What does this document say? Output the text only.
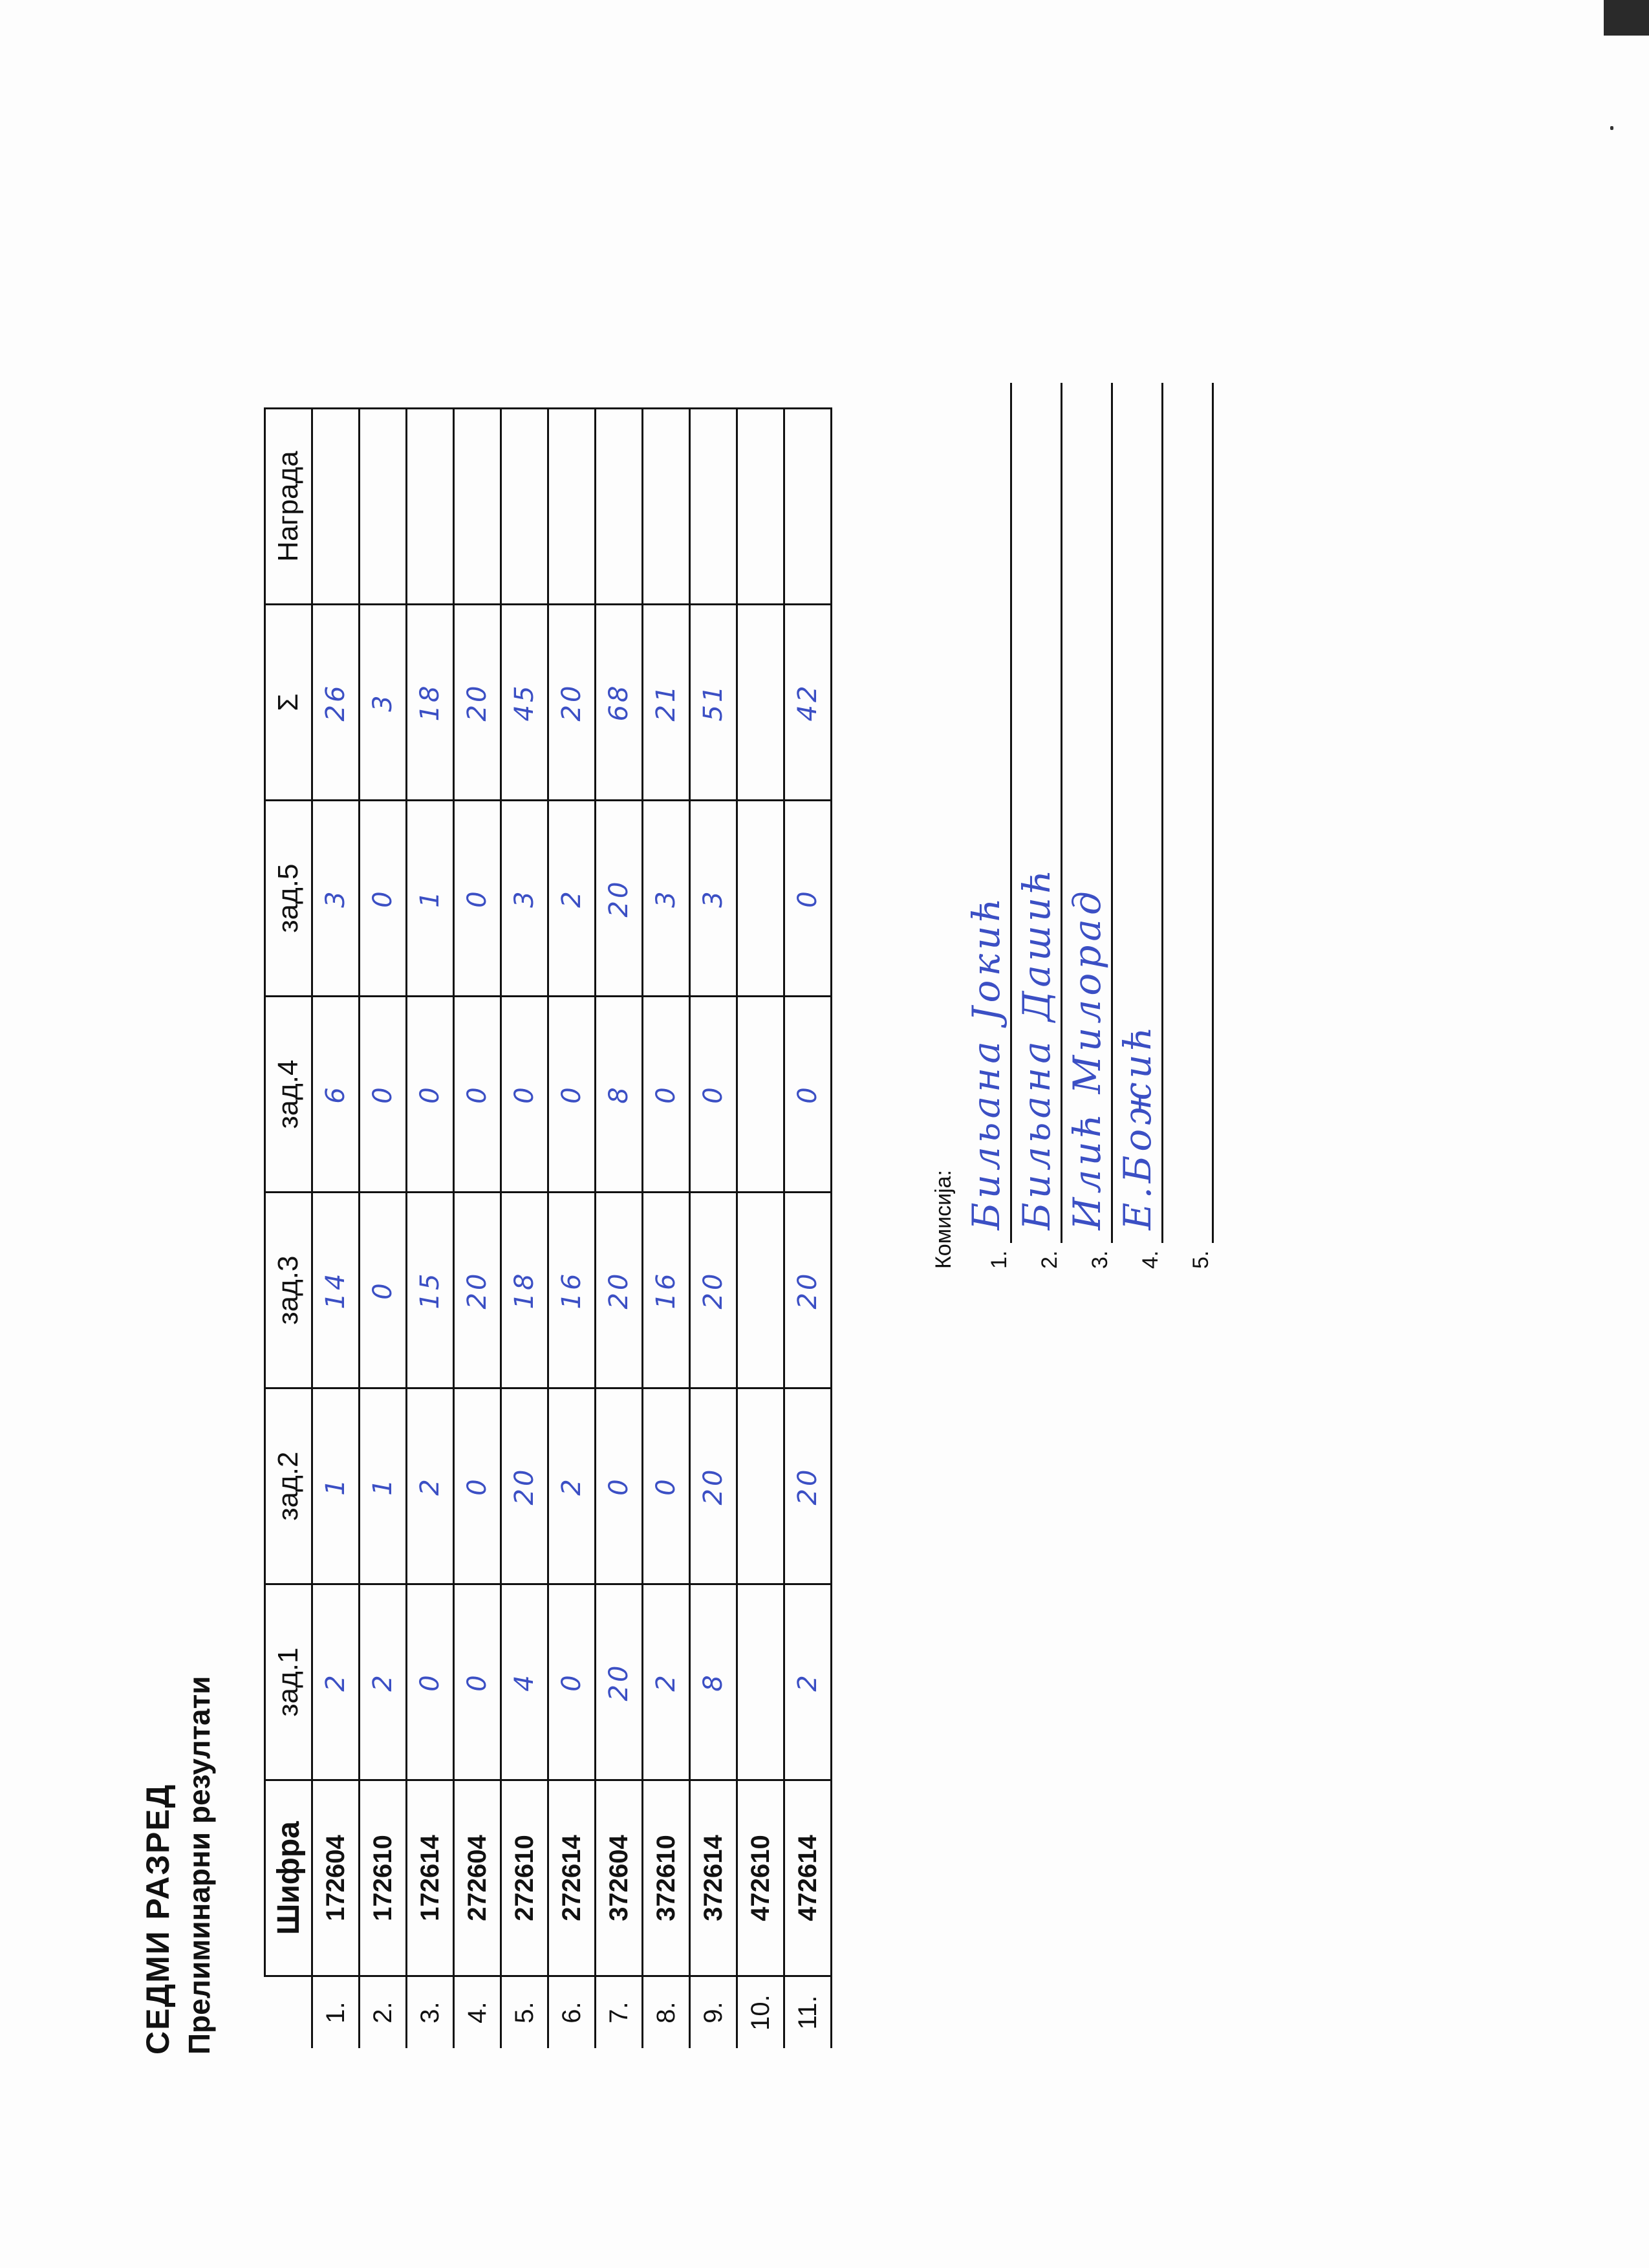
СЕДМИ РАЗРЕД Прелиминарни резултати
	Шифра	зад.1	зад.2	зад.3	зад.4	зад.5	Σ	Награда
1.	172604	2	1	14	6	3	26	
2.	172610	2	1	0	0	0	3	
3.	172614	0	2	15	0	1	18	
4.	272604	0	0	20	0	0	20	
5.	272610	4	20	18	0	3	45	
6.	272614	0	2	16	0	2	20	
7.	372604	20	0	20	8	20	68	
8.	372610	2	0	16	0	3	21	
9.	372614	8	20	20	0	3	51	
10.	472610							
11.	472614	2	20	20	0	0	42	
Комисија: 1.
Бильана Јокић
2.
Бильана Дашић
3.
Илић Милорад
4.
Е.Божић
5.
